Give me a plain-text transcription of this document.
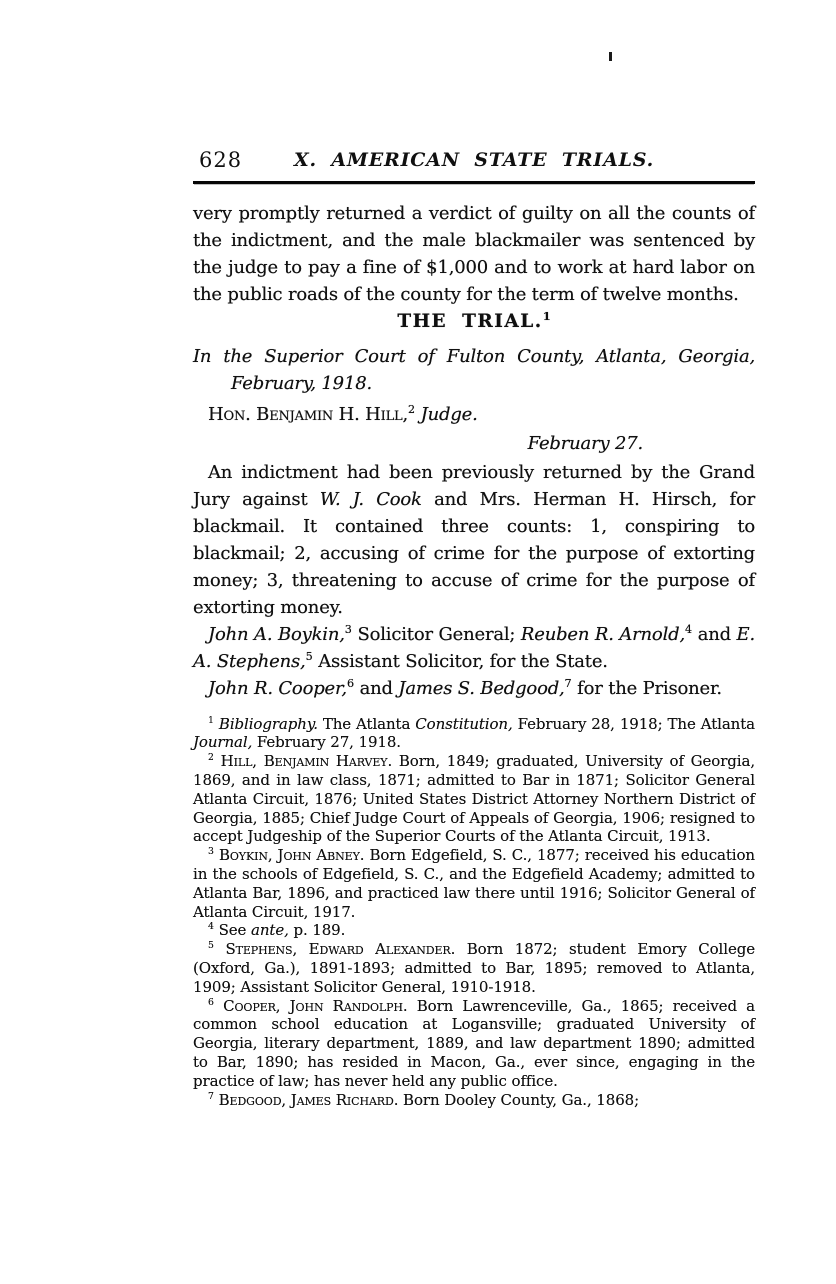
628	X. AMERICAN STATE TRIALS.

very promptly returned a verdict of guilty on all the counts of the indictment, and the male blackmailer was sentenced by the judge to pay a fine of $1,000 and to work at hard labor on the public roads of the county for the term of twelve months.

THE TRIAL.$^1$
In the Superior Court of Fulton County, Atlanta, Georgia, February, 1918.
Hon. Benjamin H. Hill,$^2$ Judge.
February 27.

An indictment had been previously returned by the Grand Jury against W. J. Cook and Mrs. Herman H. Hirsch, for blackmail. It contained three counts: 1, conspiring to blackmail; 2, accusing of crime for the purpose of extorting money; 3, threatening to accuse of crime for the purpose of extorting money.

John A. Boykin,$^3$ Solicitor General; Reuben R. Arnold,$^4$ and E. A. Stephens,$^5$ Assistant Solicitor, for the State.

John R. Cooper,$^6$ and James S. Bedgood,$^7$ for the Prisoner.

$^1$ Bibliography. The Atlanta Constitution, February 28, 1918; The Atlanta Journal, February 27, 1918.
$^2$ Hill, Benjamin Harvey. Born, 1849; graduated, University of Georgia, 1869, and in law class, 1871; admitted to Bar in 1871; Solicitor General Atlanta Circuit, 1876; United States District Attorney Northern District of Georgia, 1885; Chief Judge Court of Appeals of Georgia, 1906; resigned to accept Judgeship of the Superior Courts of the Atlanta Circuit, 1913.
$^3$ Boykin, John Abney. Born Edgefield, S. C., 1877; received his education in the schools of Edgefield, S. C., and the Edgefield Academy; admitted to Atlanta Bar, 1896, and practiced law there until 1916; Solicitor General of Atlanta Circuit, 1917.
$^4$ See ante, p. 189.
$^5$ Stephens, Edward Alexander. Born 1872; student Emory College (Oxford, Ga.), 1891-1893; admitted to Bar, 1895; removed to Atlanta, 1909; Assistant Solicitor General, 1910-1918.
$^6$ Cooper, John Randolph. Born Lawrenceville, Ga., 1865; received a common school education at Logansville; graduated University of Georgia, literary department, 1889, and law department 1890; admitted to Bar, 1890; has resided in Macon, Ga., ever since, engaging in the practice of law; has never held any public office.
$^7$ Bedgood, James Richard. Born Dooley County, Ga., 1868;
